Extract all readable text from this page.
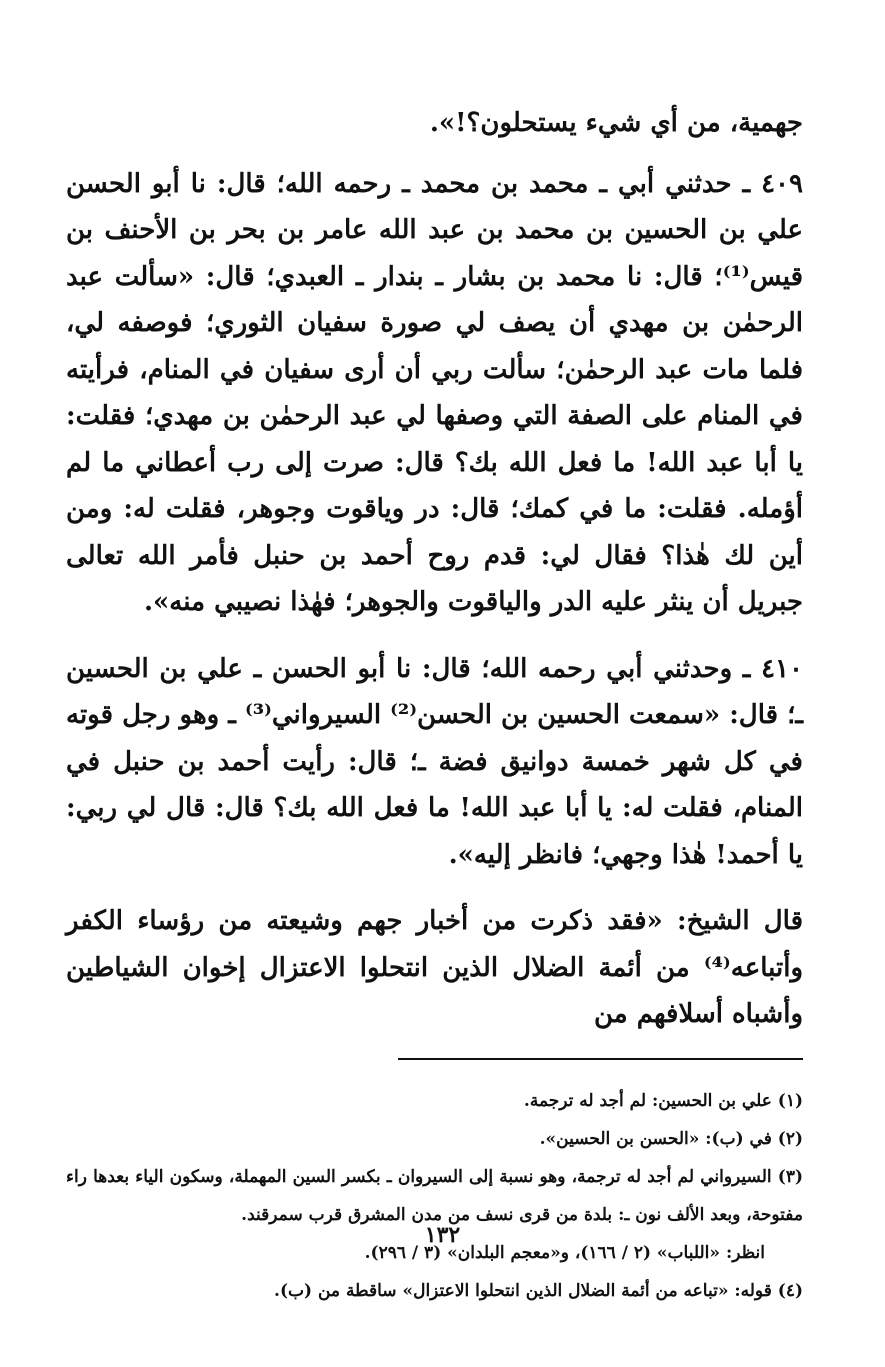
جهمية، من أي شيء يستحلون؟!».

٤٠٩ ـ حدثني أبي ـ محمد بن محمد ـ رحمه الله؛ قال: نا أبو الحسن علي بن الحسين بن محمد بن عبد الله عامر بن بحر بن الأحنف بن قيس⁽¹⁾؛ قال: نا محمد بن بشار ـ بندار ـ العبدي؛ قال: «سألت عبد الرحمٰن بن مهدي أن يصف لي صورة سفيان الثوري؛ فوصفه لي، فلما مات عبد الرحمٰن؛ سألت ربي أن أرى سفيان في المنام، فرأيته في المنام على الصفة التي وصفها لي عبد الرحمٰن بن مهدي؛ فقلت: يا أبا عبد الله! ما فعل الله بك؟ قال: صرت إلى رب أعطاني ما لم أؤمله. فقلت: ما في كمك؛ قال: در وياقوت وجوهر، فقلت له: ومن أين لك هٰذا؟ فقال لي: قدم روح أحمد بن حنبل فأمر الله تعالى جبريل أن ينثر عليه الدر والياقوت والجوهر؛ فهٰذا نصيبي منه».

٤١٠ ـ وحدثني أبي رحمه الله؛ قال: نا أبو الحسن ـ علي بن الحسين ـ؛ قال: «سمعت الحسين بن الحسن⁽²⁾ السيرواني⁽³⁾ ـ وهو رجل قوته في كل شهر خمسة دوانيق فضة ـ؛ قال: رأيت أحمد بن حنبل في المنام، فقلت له: يا أبا عبد الله! ما فعل الله بك؟ قال: قال لي ربي: يا أحمد! هٰذا وجهي؛ فانظر إليه».

قال الشيخ: «فقد ذكرت من أخبار جهم وشيعته من رؤساء الكفر وأتباعه⁽⁴⁾ من أئمة الضلال الذين انتحلوا الاعتزال إخوان الشياطين وأشباه أسلافهم من

(١) علي بن الحسين: لم أجد له ترجمة.

(٢) في (ب): «الحسن بن الحسين».

(٣) السيرواني لم أجد له ترجمة، وهو نسبة إلى السيروان ـ بكسر السين المهملة، وسكون الياء بعدها راء مفتوحة، وبعد الألف نون ـ: بلدة من قرى نسف من مدن المشرق قرب سمرقند.

انظر: «اللباب» (٢ / ١٦٦)، و«معجم البلدان» (٣ / ٢٩٦).

(٤) قوله: «تباعه من أئمة الضلال الذين انتحلوا الاعتزال» ساقطة من (ب).

١٣٢
